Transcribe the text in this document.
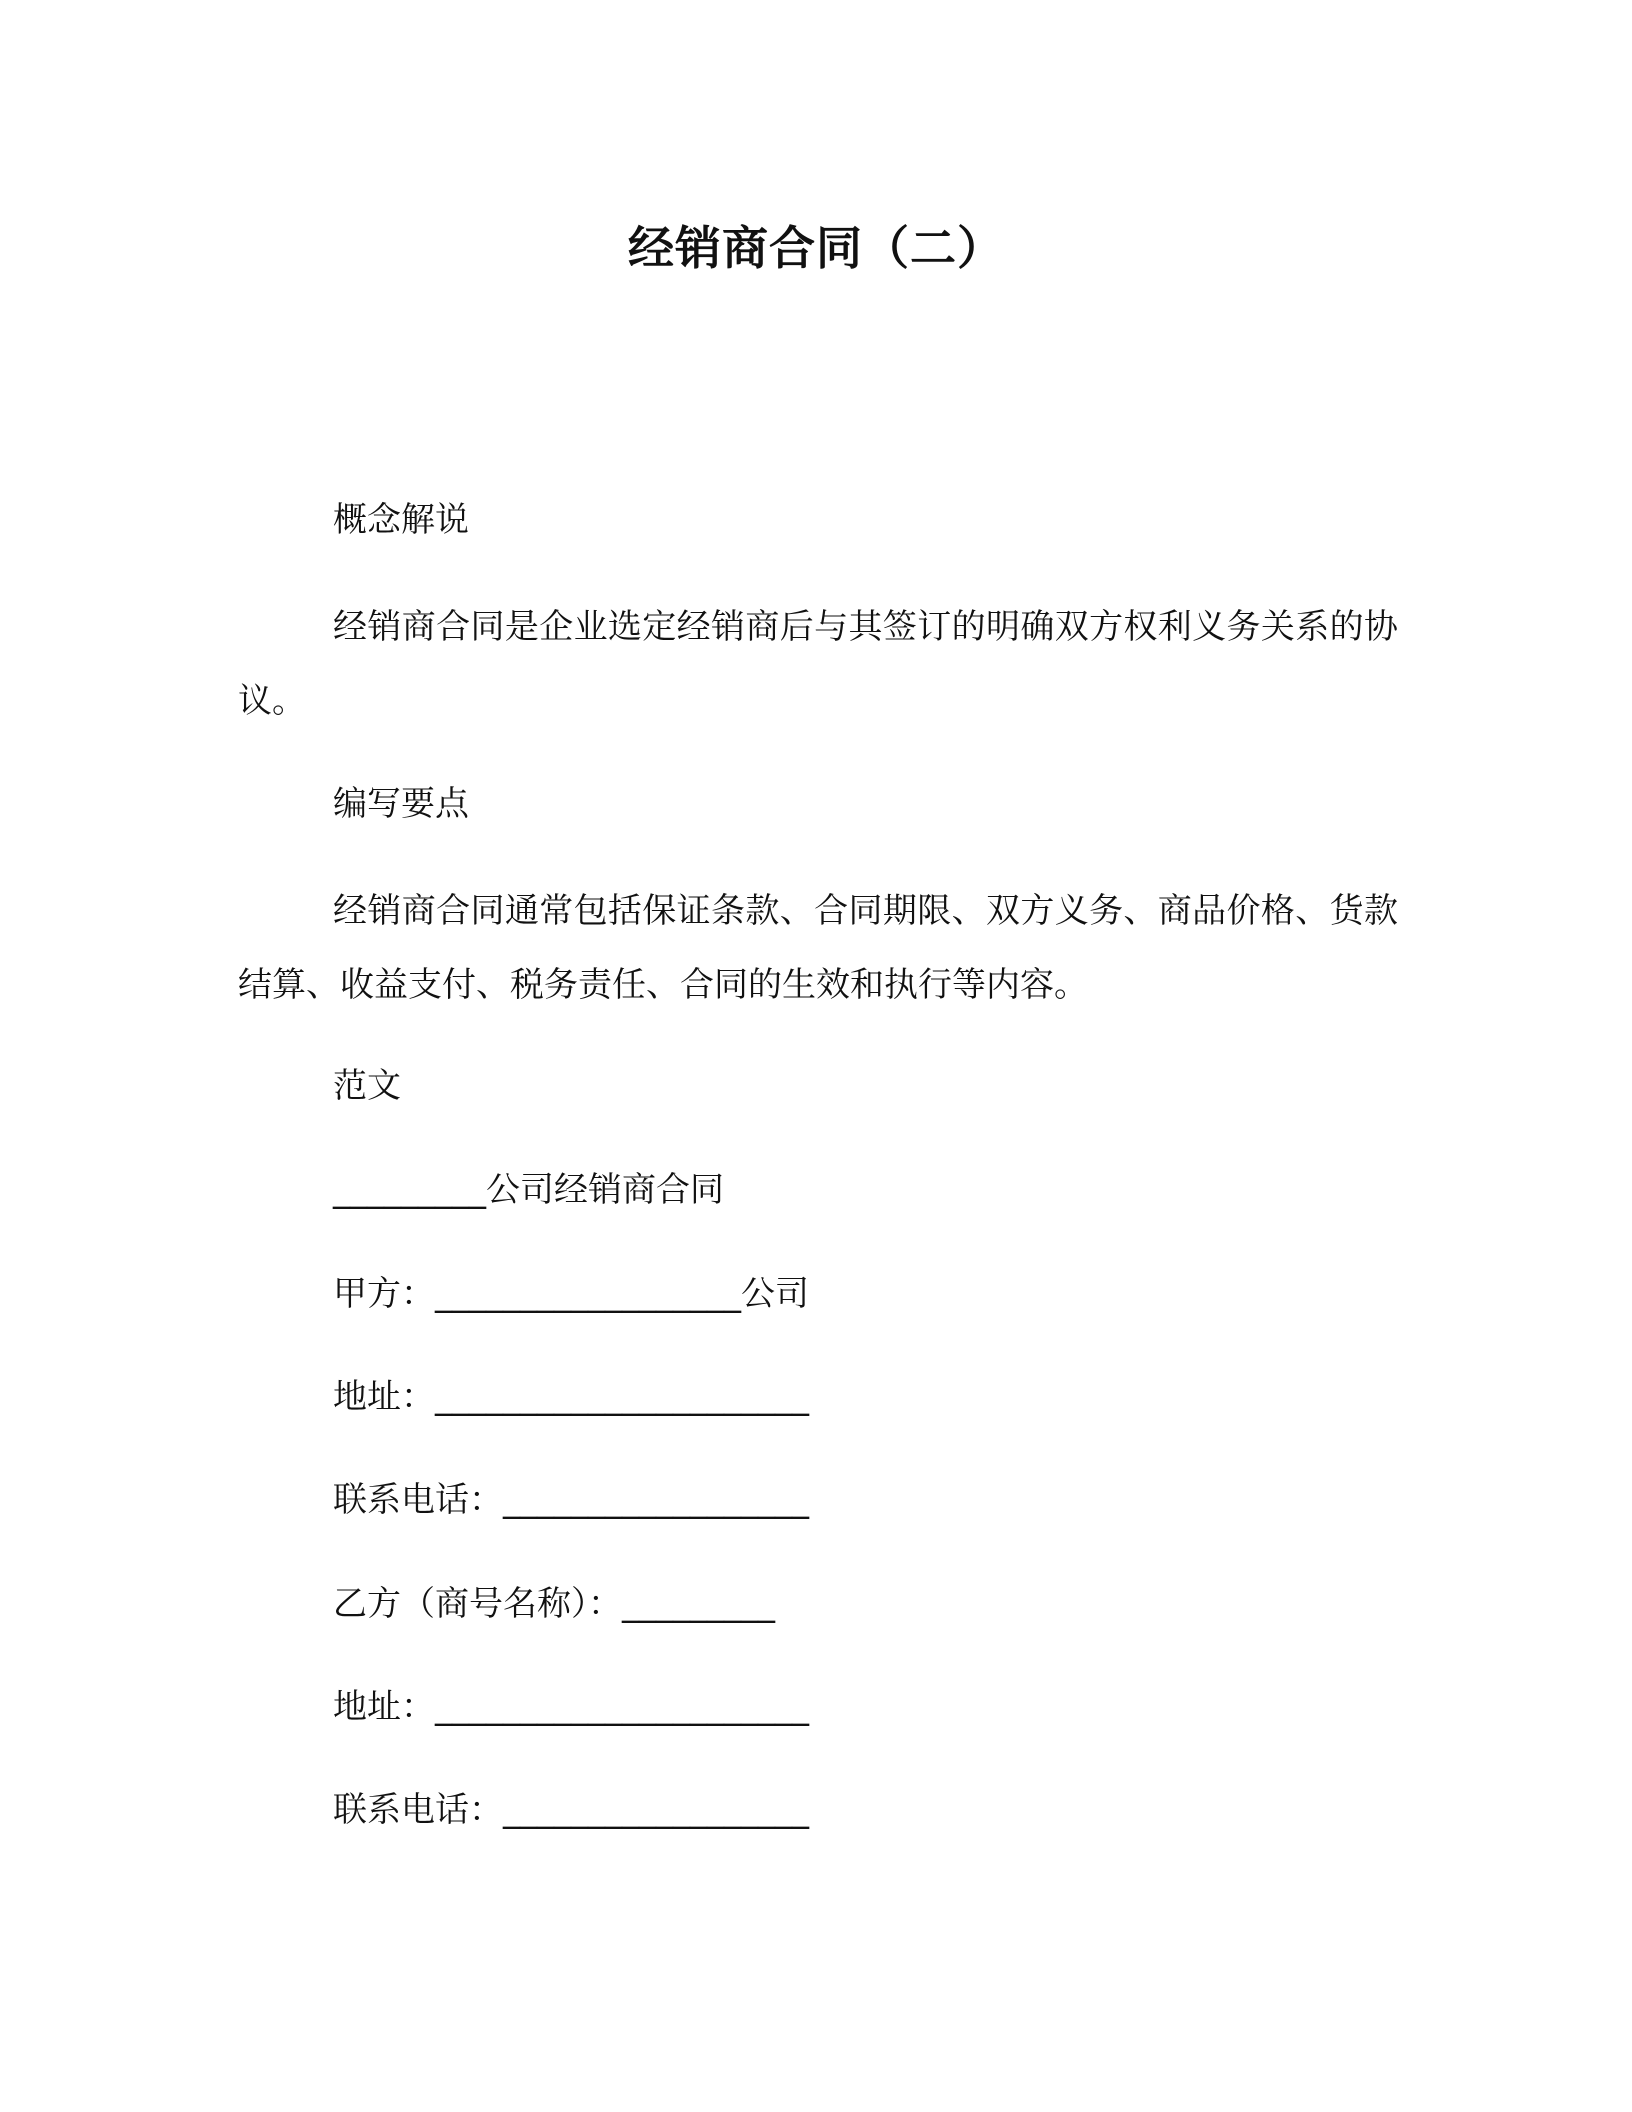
经销商合同（二）
概念解说
经销商合同是企业选定经销商后与其签订的明确双方权利义务关系的协议。
编写要点
经销商合同通常包括保证条款、合同期限、双方义务、商品价格、货款结算、收益支付、税务责任、合同的生效和执行等内容。
范文
_________公司经销商合同
甲方：__________________公司
地址：______________________
联系电话：__________________
乙方（商号名称）：_________
地址：______________________
联系电话：__________________
